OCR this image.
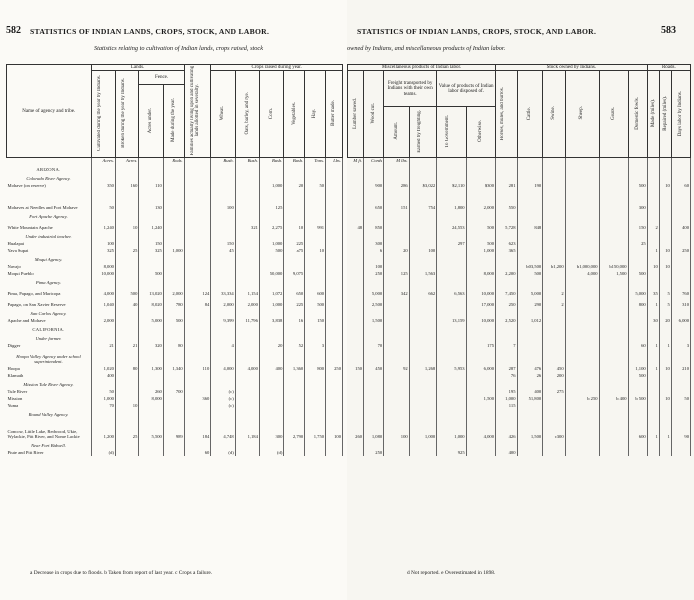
582 STATISTICS OF INDIAN LANDS, CROPS, STOCK, AND LABOR.
Statistics relating to cultivation of Indian lands, crops raised, stock
Name of agency and tribe.	Lands.				Families actually living upon and cultivating lands allotted in severalty.	Crops raised during year.					
	Cultivated during the year by Indians.	Broken during the year by Indians.	Fence.			Wheat.	Oats, barley, and rye.	Corn.	Vegetables.	Hay.	Butter made.
			Acres under.	Made during the year.							
	Acres.	Acres.		Rods.		Bush.	Bush.	Bush.	Bush.	Tons.	Lbs.
ARIZONA.											
Colorado River Agency.											
Mohave (on reserve)	350	160	110					1,000	20	50	
Mohaves at Needles and Fort Mohave	50		130			100		125			
Fort Apache Agency.											
White Mountain Apache	1,240	10	1,240				321	2,275	10	991	
Under industrial teacher.											
Hualapai	100		150			150		1,000	225		
Yava Supai	325	25	325	1,000		45		500	a75	10	
Moqui Agency.											
Navajo	8,000										
Moqui Pueblo	10,000		500					50,000	9,075		
Pima Agency.											
Pima, Papago, and Maricopa	4,000	500	13,020	2,000	124	33,334	1,154	1,072	650	600	
Papago, on San Xavier Reserve	1,040	40	8,020	780	84	2,000	2,000	1,000	225	500	
San Carlos Agency.											
Apache and Mohave	2,000		5,000	500		9,399	11,796	3,838	16	150	
CALIFORNIA.											
Under farmer.											
Digger	21	21	320	80		4		20	52	3	
Hoopa Valley Agency under school superintendent.											
Hoopa	1,020	80	1,300	1,340	110	4,000	4,000	400	1,360	800	250
Klamath	400										
Mission Tule River Agency.											
Tule River	50		260	700		(c)					
Mission	1,000		8,000		360	(c)					
Yuma	70	10				(c)					
Round Valley Agency.											
Concow, Little Lake, Redwood, Ukie, Wylackie, Pitt River, and Nome Lackie	1,200	25	5,500	989	184	4,748	1,184	300	2,790	1,750	100
Near Fort Bidwell.											
Piute and Pitt River	(d)				60	(d)		(d)			
a Decrease in crops due to floods. b Taken from report of last year. c Crops a failure.
STATISTICS OF INDIAN LANDS, CROPS, STOCK, AND LABOR.	583
owned by Indians, and miscellaneous products of Indian labor.
Miscellaneous products of Indian labor.						Stock owned by Indians.						Roads.		
Lumber sawed.	Wood cut.	Freight transported by Indians with their own teams.		Value of products of Indian labor disposed of.		Horses, mules, and burros.	Cattle.	Swine.	Sheep.	Goats.	Domestic fowls.	Made (miles).	Repaired (miles).	Days labor by Indians.
		Amount.	Earned by freighting.	To Government.	Otherwise.									
M ft.	Cords	M lbs.												

	900	286	$3,022	$2,110	$300	281	190				500		10	60
	650	151	754	1,800	2,000	550					300			

48	850			24,553	500	5,728	848				150	2		400

	300			297	500	623					25			
	6	20	100		1,000	365						1	10	250

	100						b03,500	b1,200	b1,000,000	b150,000		10	10	
	250	125	1,563		8,000	2,200	500		4,000	1,500	500			

	5,000	342	662	6,563	10,000	7,450	5,000	2			5,000	35	5	760
	2,500				17,000	250	290	2			800	1	5	310

	1,500			13,159	10,000	2,520	1,012					30	20	6,000

	70				175	7					60	1	1	3

150	450	92	1,268	5,953	6,000	287	476	450			1,100	1	10	210
						76	26	200			500			

						195	400	275						
					1,500	1,000	51,800		b 250	b 400	b 500		10	50
						115								

260	1,080	100	1,000	1,000	4,000	426	1,500	c300			600	1	1	90

	250			925		400								
d Not reported. e Overestimated in 1898.
